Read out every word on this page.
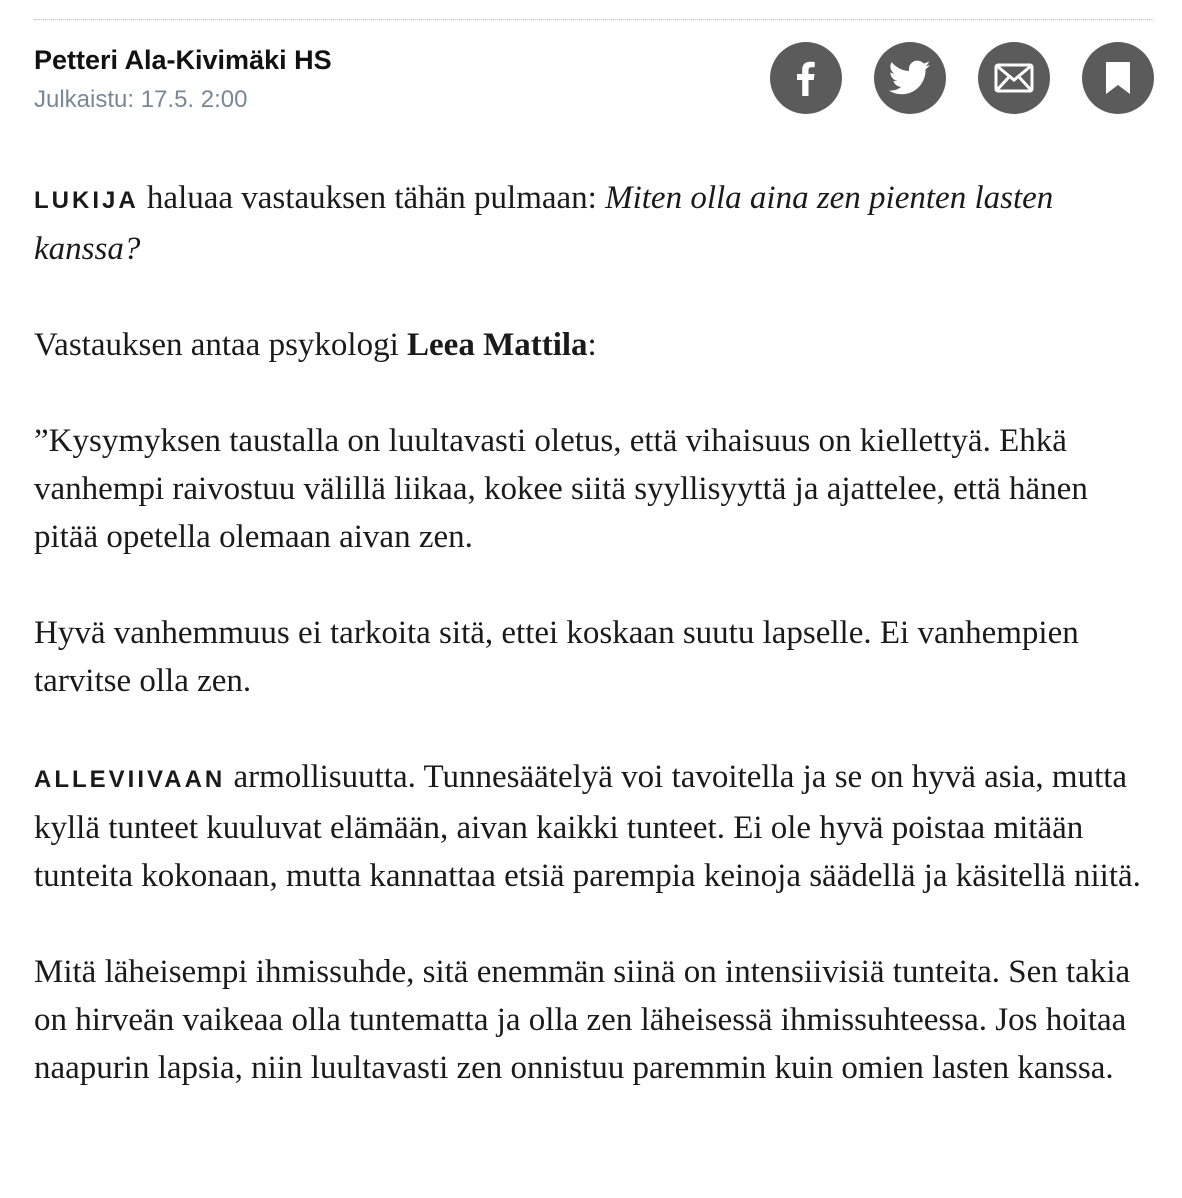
Petteri Ala-Kivimäki HS
Julkaistu: 17.5. 2:00

LUKIJA haluaa vastauksen tähän pulmaan: Miten olla aina zen pienten lasten kanssa?

Vastauksen antaa psykologi Leea Mattila:

”Kysymyksen taustalla on luultavasti oletus, että vihaisuus on kiellettyä. Ehkä vanhempi raivostuu välillä liikaa, kokee siitä syyllisyyttä ja ajattelee, että hänen pitää opetella olemaan aivan zen.

Hyvä vanhemmuus ei tarkoita sitä, ettei koskaan suutu lapselle. Ei vanhempien tarvitse olla zen.

ALLEVIIVAAN armollisuutta. Tunnesäätelyä voi tavoitella ja se on hyvä asia, mutta kyllä tunteet kuuluvat elämään, aivan kaikki tunteet. Ei ole hyvä poistaa mitään tunteita kokonaan, mutta kannattaa etsiä parempia keinoja säädellä ja käsitellä niitä.

Mitä läheisempi ihmissuhde, sitä enemmän siinä on intensiivisiä tunteita. Sen takia on hirveän vaikeaa olla tuntematta ja olla zen läheisessä ihmissuhteessa. Jos hoitaa naapurin lapsia, niin luultavasti zen onnistuu paremmin kuin omien lasten kanssa.
